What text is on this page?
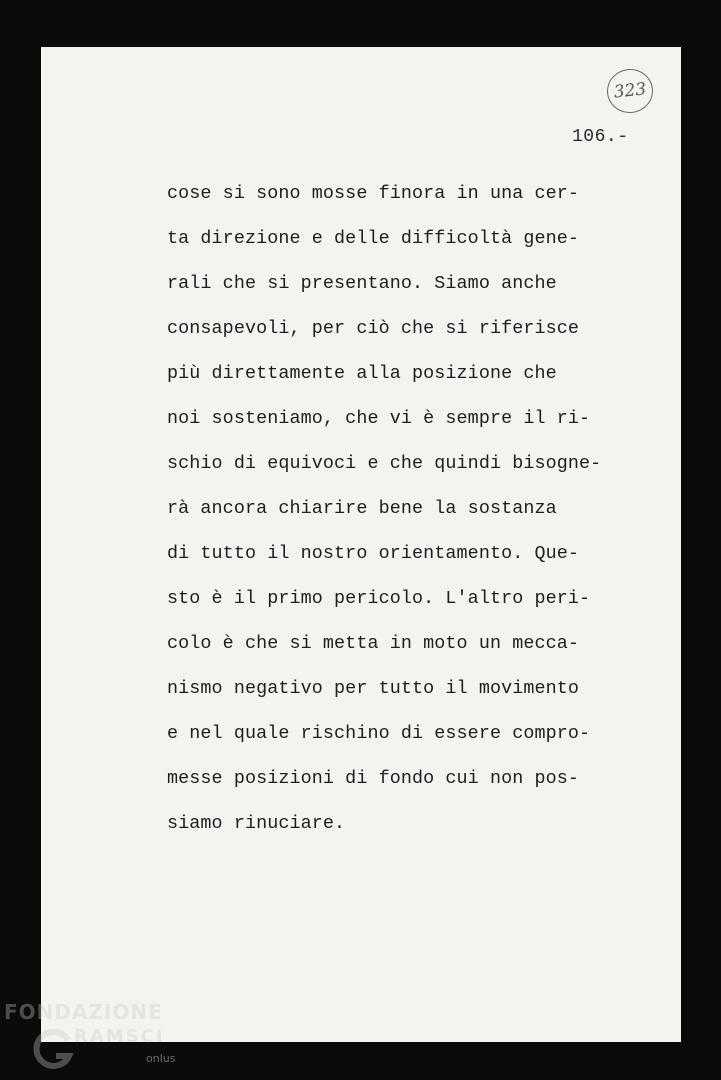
323
106.-
cose si sono mosse finora in una cer-
ta direzione e delle difficoltà gene-
rali che si presentano. Siamo anche
consapevoli, per ciò che si riferisce
più direttamente alla posizione che
noi sosteniamo, che vi è sempre il ri-
schio di equivoci e che quindi bisogne-
rà ancora chiarire bene la sostanza
di tutto il nostro orientamento. Que-
sto è il primo pericolo. L'altro peri-
colo è che si metta in moto un mecca-
nismo negativo per tutto il movimento
e nel quale rischino di essere compro-
messe posizioni di fondo cui non pos-
siamo rinuciare.
FONDAZIONE
RAMSCI
onlus
